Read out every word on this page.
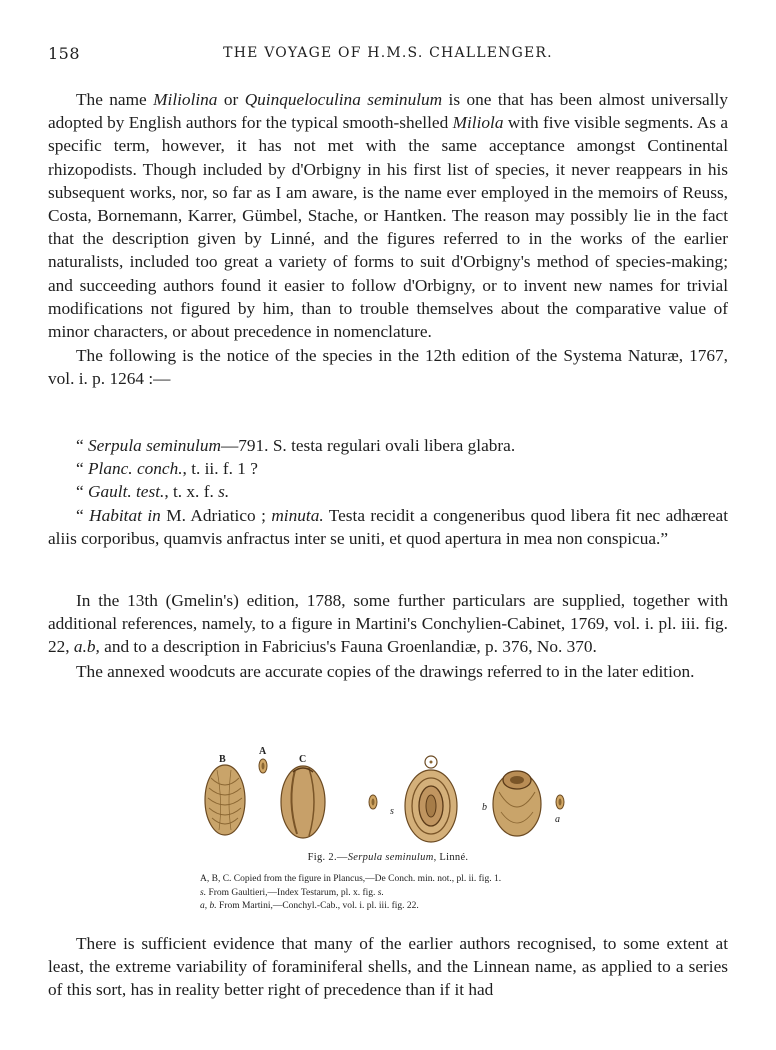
158	THE VOYAGE OF H.M.S. CHALLENGER.

The name Miliolina or Quinqueloculina seminulum is one that has been almost universally adopted by English authors for the typical smooth-shelled Miliola with five visible segments. As a specific term, however, it has not met with the same acceptance amongst Continental rhizopodists. Though included by d'Orbigny in his first list of species, it never reappears in his subsequent works, nor, so far as I am aware, is the name ever employed in the memoirs of Reuss, Costa, Bornemann, Karrer, Gümbel, Stache, or Hantken. The reason may possibly lie in the fact that the description given by Linné, and the figures referred to in the works of the earlier naturalists, included too great a variety of forms to suit d'Orbigny's method of species-making; and succeeding authors found it easier to follow d'Orbigny, or to invent new names for trivial modifications not figured by him, than to trouble themselves about the comparative value of minor characters, or about precedence in nomenclature.

The following is the notice of the species in the 12th edition of the Systema Naturæ, 1767, vol. i. p. 1264 :—

“ Serpula seminulum—791. S. testa regulari ovali libera glabra.
“ Planc. conch., t. ii. f. 1 ?
“ Gault. test., t. x. f. s.
“ Habitat in M. Adriatico ; minuta. Testa recidit a congeneribus quod libera fit nec adhæreat aliis corporibus, quamvis anfractus inter se uniti, et quod apertura in mea non conspicua.”

In the 13th (Gmelin's) edition, 1788, some further particulars are supplied, together with additional references, namely, to a figure in Martini's Conchylien-Cabinet, 1769, vol. i. pl. iii. fig. 22, a.b, and to a description in Fabricius's Fauna Groenlandiæ, p. 376, No. 370.

The annexed woodcuts are accurate copies of the drawings referred to in the later edition.

B
A
C
s	b
a
Fig. 2.—Serpula seminulum, Linné.
A, B, C. Copied from the figure in Plancus,—De Conch. min. not., pl. ii. fig. 1.
s. From Gaultieri,—Index Testarum, pl. x. fig. s.
a, b. From Martini,—Conchyl.-Cab., vol. i. pl. iii. fig. 22.

There is sufficient evidence that many of the earlier authors recognised, to some extent at least, the extreme variability of foraminiferal shells, and the Linnean name, as applied to a series of this sort, has in reality better right of precedence than if it had
